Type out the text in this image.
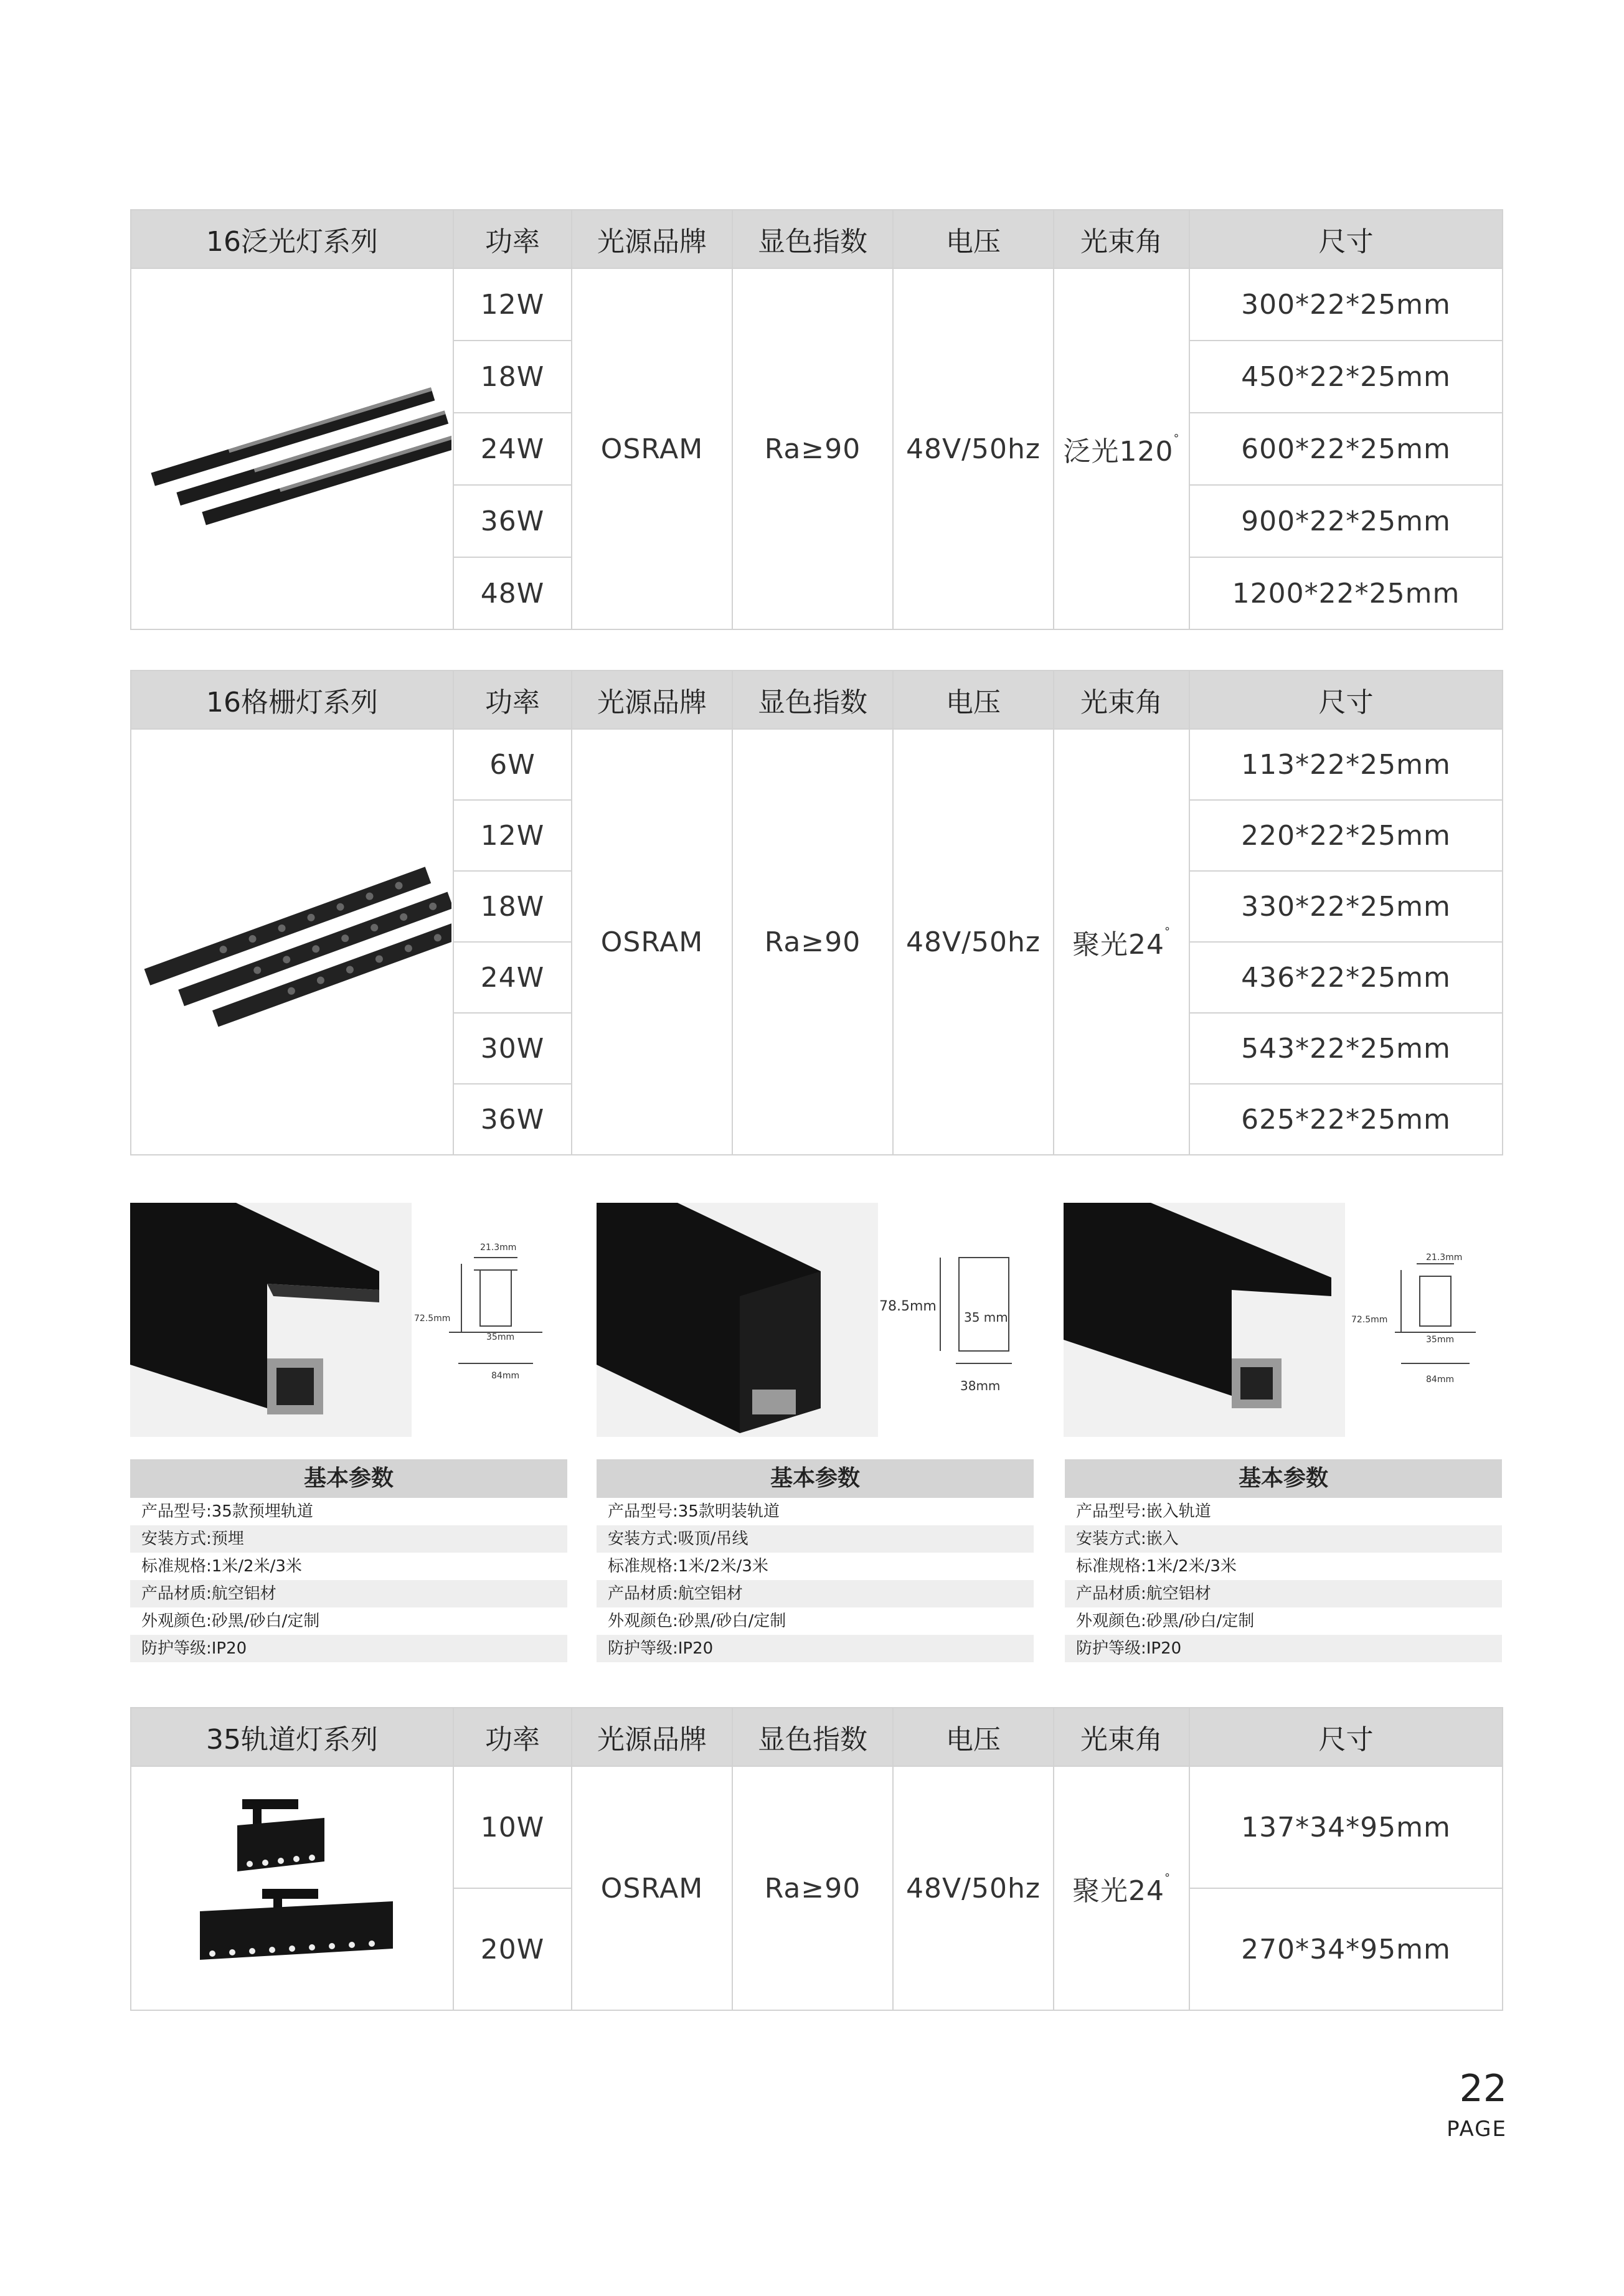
16泛光灯系列	功率	光源品牌	显色指数	电压	光束角	尺寸

	12W	OSRAM	Ra≥90	48V/50hz	泛光120°	300*22*25mm
	18W					450*22*25mm
	24W					600*22*25mm
	36W					900*22*25mm
	48W					1200*22*25mm
16格栅灯系列	功率	光源品牌	显色指数	电压	光束角	尺寸

	6W	OSRAM	Ra≥90	48V/50hz	聚光24°	113*22*25mm
	12W					220*22*25mm
	18W					330*22*25mm
	24W					436*22*25mm
	30W					543*22*25mm
	36W					625*22*25mm
21.3mm
72.5mm
35mm
84mm
78.5mm
35 mm
38mm
21.3mm
72.5mm
35mm
84mm
基本参数
产品型号:35款预埋轨道
安装方式:预埋
标准规格:1米/2米/3米
产品材质:航空铝材
外观颜色:砂黑/砂白/定制
防护等级:IP20
基本参数
产品型号:35款明装轨道
安装方式:吸顶/吊线
标准规格:1米/2米/3米
产品材质:航空铝材
外观颜色:砂黑/砂白/定制
防护等级:IP20
基本参数
产品型号:嵌入轨道
安装方式:嵌入
标准规格:1米/2米/3米
产品材质:航空铝材
外观颜色:砂黑/砂白/定制
防护等级:IP20
35轨道灯系列	功率	光源品牌	显色指数	电压	光束角	尺寸

	10W	OSRAM	Ra≥90	48V/50hz	聚光24°	137*34*95mm
	20W					270*34*95mm
22
PAGE
